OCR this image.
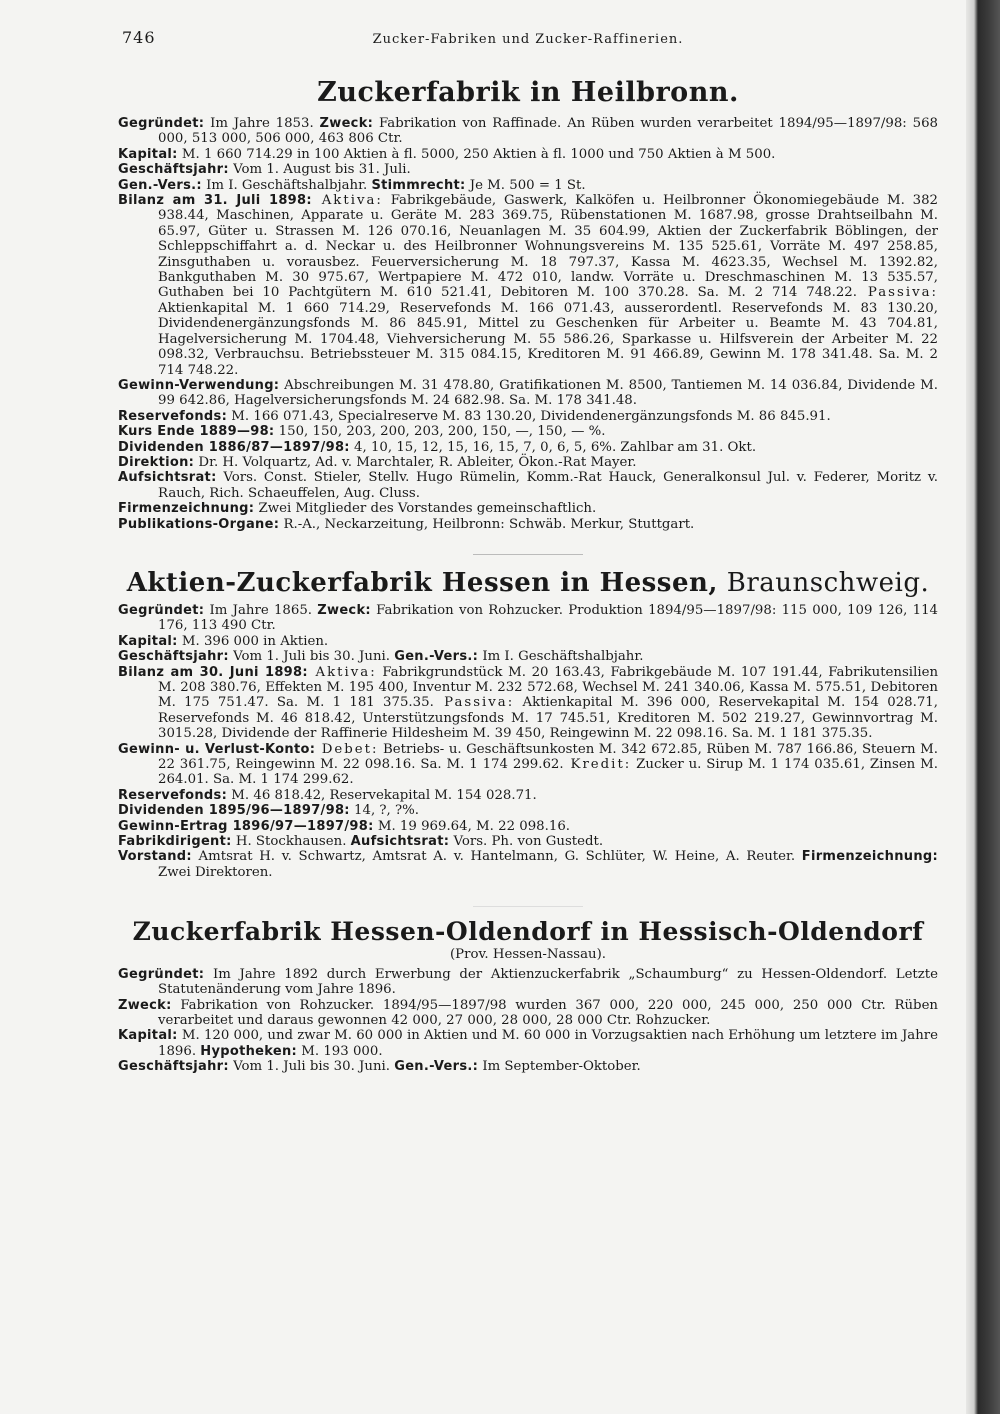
746	Zucker-Fabriken und Zucker-Raffinerien.
Zuckerfabrik in Heilbronn.

Gegründet: Im Jahre 1853. Zweck: Fabrikation von Raffinade. An Rüben wurden verarbeitet 1894/95—1897/98: 568 000, 513 000, 506 000, 463 806 Ctr.

Kapital: M. 1 660 714.29 in 100 Aktien à fl. 5000, 250 Aktien à fl. 1000 und 750 Aktien à M 500.

Geschäftsjahr: Vom 1. August bis 31. Juli.

Gen.-Vers.: Im I. Geschäftshalbjahr. Stimmrecht: Je M. 500 = 1 St.

Bilanz am 31. Juli 1898: Aktiva: Fabrikgebäude, Gaswerk, Kalköfen u. Heilbronner Ökonomiegebäude M. 382 938.44, Maschinen, Apparate u. Geräte M. 283 369.75, Rübenstationen M. 1687.98, grosse Drahtseilbahn M. 65.97, Güter u. Strassen M. 126 070.16, Neuanlagen M. 35 604.99, Aktien der Zuckerfabrik Böblingen, der Schleppschiffahrt a. d. Neckar u. des Heilbronner Wohnungsvereins M. 135 525.61, Vorräte M. 497 258.85, Zinsguthaben u. vorausbez. Feuerversicherung M. 18 797.37, Kassa M. 4623.35, Wechsel M. 1392.82, Bankguthaben M. 30 975.67, Wertpapiere M. 472 010, landw. Vorräte u. Dreschmaschinen M. 13 535.57, Guthaben bei 10 Pachtgütern M. 610 521.41, Debitoren M. 100 370.28. Sa. M. 2 714 748.22. Passiva: Aktienkapital M. 1 660 714.29, Reservefonds M. 166 071.43, ausserordentl. Reservefonds M. 83 130.20, Dividendenergänzungsfonds M. 86 845.91, Mittel zu Geschenken für Arbeiter u. Beamte M. 43 704.81, Hagelversicherung M. 1704.48, Viehversicherung M. 55 586.26, Sparkasse u. Hilfsverein der Arbeiter M. 22 098.32, Verbrauchsu. Betriebssteuer M. 315 084.15, Kreditoren M. 91 466.89, Gewinn M. 178 341.48. Sa. M. 2 714 748.22.

Gewinn-Verwendung: Abschreibungen M. 31 478.80, Gratifikationen M. 8500, Tantiemen M. 14 036.84, Dividende M. 99 642.86, Hagelversicherungsfonds M. 24 682.98. Sa. M. 178 341.48.

Reservefonds: M. 166 071.43, Specialreserve M. 83 130.20, Dividendenergänzungsfonds M. 86 845.91.

Kurs Ende 1889—98: 150, 150, 203, 200, 203, 200, 150, —, 150, — %.

Dividenden 1886/87—1897/98: 4, 10, 15, 12, 15, 16, 15, 7, 0, 6, 5, 6%. Zahlbar am 31. Okt.

Direktion: Dr. H. Volquartz, Ad. v. Marchtaler, R. Ableiter, Ökon.-Rat Mayer.

Aufsichtsrat: Vors. Const. Stieler, Stellv. Hugo Rümelin, Komm.-Rat Hauck, Generalkonsul Jul. v. Federer, Moritz v. Rauch, Rich. Schaeuffelen, Aug. Cluss.

Firmenzeichnung: Zwei Mitglieder des Vorstandes gemeinschaftlich.

Publikations-Organe: R.-A., Neckarzeitung, Heilbronn: Schwäb. Merkur, Stuttgart.

Aktien-Zuckerfabrik Hessen in Hessen, Braunschweig.

Gegründet: Im Jahre 1865. Zweck: Fabrikation von Rohzucker. Produktion 1894/95—1897/98: 115 000, 109 126, 114 176, 113 490 Ctr.

Kapital: M. 396 000 in Aktien.

Geschäftsjahr: Vom 1. Juli bis 30. Juni. Gen.-Vers.: Im I. Geschäftshalbjahr.

Bilanz am 30. Juni 1898: Aktiva: Fabrikgrundstück M. 20 163.43, Fabrikgebäude M. 107 191.44, Fabrikutensilien M. 208 380.76, Effekten M. 195 400, Inventur M. 232 572.68, Wechsel M. 241 340.06, Kassa M. 575.51, Debitoren M. 175 751.47. Sa. M. 1 181 375.35. Passiva: Aktienkapital M. 396 000, Reservekapital M. 154 028.71, Reservefonds M. 46 818.42, Unterstützungsfonds M. 17 745.51, Kreditoren M. 502 219.27, Gewinnvortrag M. 3015.28, Dividende der Raffinerie Hildesheim M. 39 450, Reingewinn M. 22 098.16. Sa. M. 1 181 375.35.

Gewinn- u. Verlust-Konto: Debet: Betriebs- u. Geschäftsunkosten M. 342 672.85, Rüben M. 787 166.86, Steuern M. 22 361.75, Reingewinn M. 22 098.16. Sa. M. 1 174 299.62. Kredit: Zucker u. Sirup M. 1 174 035.61, Zinsen M. 264.01. Sa. M. 1 174 299.62.

Reservefonds: M. 46 818.42, Reservekapital M. 154 028.71.

Dividenden 1895/96—1897/98: 14, ?, ?%.

Gewinn-Ertrag 1896/97—1897/98: M. 19 969.64, M. 22 098.16.

Fabrikdirigent: H. Stockhausen. Aufsichtsrat: Vors. Ph. von Gustedt.

Vorstand: Amtsrat H. v. Schwartz, Amtsrat A. v. Hantelmann, G. Schlüter, W. Heine, A. Reuter. Firmenzeichnung: Zwei Direktoren.

Zuckerfabrik Hessen-Oldendorf in Hessisch-Oldendorf
(Prov. Hessen-Nassau).

Gegründet: Im Jahre 1892 durch Erwerbung der Aktienzuckerfabrik „Schaumburg“ zu Hessen-Oldendorf. Letzte Statutenänderung vom Jahre 1896.

Zweck: Fabrikation von Rohzucker. 1894/95—1897/98 wurden 367 000, 220 000, 245 000, 250 000 Ctr. Rüben verarbeitet und daraus gewonnen 42 000, 27 000, 28 000, 28 000 Ctr. Rohzucker.

Kapital: M. 120 000, und zwar M. 60 000 in Aktien und M. 60 000 in Vorzugsaktien nach Erhöhung um letztere im Jahre 1896. Hypotheken: M. 193 000.

Geschäftsjahr: Vom 1. Juli bis 30. Juni. Gen.-Vers.: Im September-Oktober.
